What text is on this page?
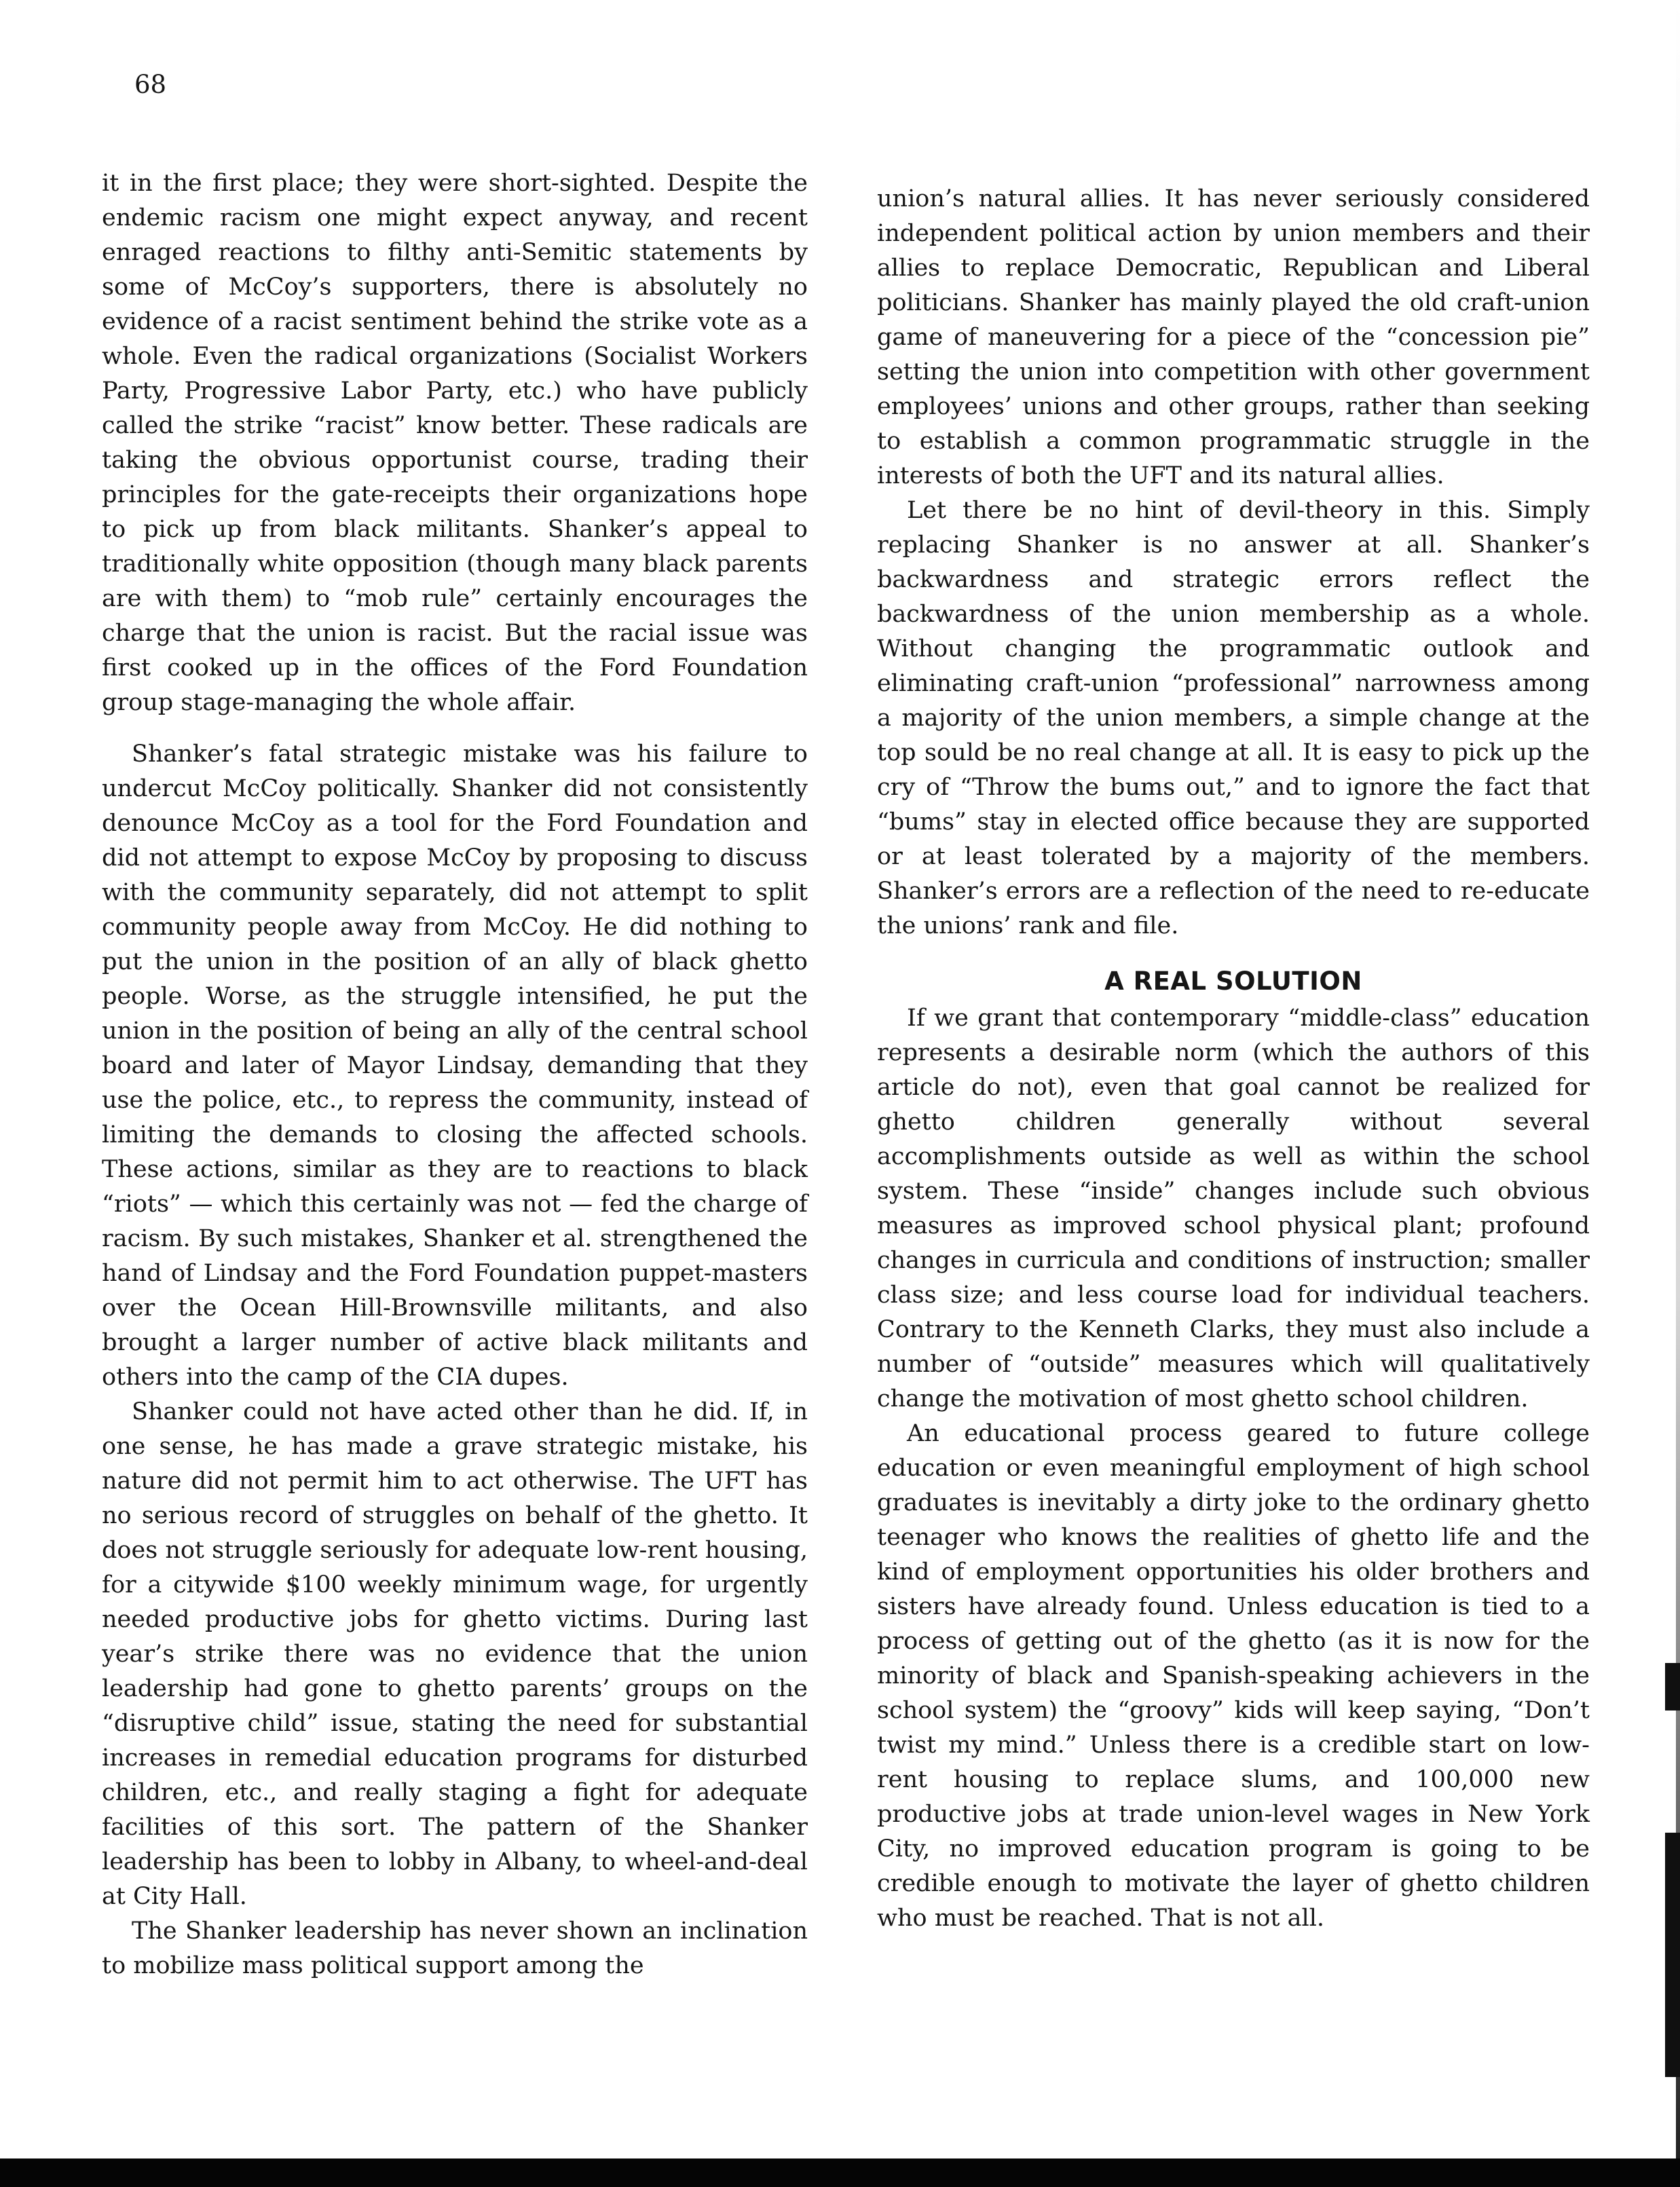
68

it in the first place; they were short-sighted. Despite the endemic racism one might expect anyway, and recent enraged reactions to filthy anti-Semitic statements by some of McCoy’s supporters, there is absolutely no evidence of a racist sentiment behind the strike vote as a whole. Even the radical organizations (Socialist Workers Party, Progressive Labor Party, etc.) who have publicly called the strike “racist” know better. These radicals are taking the obvious opportunist course, trading their principles for the gate-receipts their organizations hope to pick up from black militants. Shanker’s appeal to traditionally white opposition (though many black parents are with them) to “mob rule” certainly encourages the charge that the union is racist. But the racial issue was first cooked up in the offices of the Ford Foundation group stage-managing the whole affair.

Shanker’s fatal strategic mistake was his failure to undercut McCoy politically. Shanker did not consistently denounce McCoy as a tool for the Ford Foundation and did not attempt to expose McCoy by proposing to discuss with the community separately, did not attempt to split community people away from McCoy. He did nothing to put the union in the position of an ally of black ghetto people. Worse, as the struggle intensified, he put the union in the position of being an ally of the central school board and later of Mayor Lindsay, demanding that they use the police, etc., to repress the community, instead of limiting the demands to closing the affected schools. These actions, similar as they are to reactions to black “riots” — which this certainly was not — fed the charge of racism. By such mistakes, Shanker et al. strengthened the hand of Lindsay and the Ford Foundation puppet-masters over the Ocean Hill-Brownsville militants, and also brought a larger number of active black militants and others into the camp of the CIA dupes.

Shanker could not have acted other than he did. If, in one sense, he has made a grave strategic mistake, his nature did not permit him to act otherwise. The UFT has no serious record of struggles on behalf of the ghetto. It does not struggle seriously for adequate low-rent housing, for a citywide $100 weekly minimum wage, for urgently needed productive jobs for ghetto victims. During last year’s strike there was no evidence that the union leadership had gone to ghetto parents’ groups on the “disruptive child” issue, stating the need for substantial increases in remedial education programs for disturbed children, etc., and really staging a fight for adequate facilities of this sort. The pattern of the Shanker leadership has been to lobby in Albany, to wheel-and-deal at City Hall.

The Shanker leadership has never shown an inclination to mobilize mass political support among the

union’s natural allies. It has never seriously considered independent political action by union members and their allies to replace Democratic, Republican and Liberal politicians. Shanker has mainly played the old craft-union game of maneuvering for a piece of the “concession pie” setting the union into competition with other government employees’ unions and other groups, rather than seeking to establish a common programmatic struggle in the interests of both the UFT and its natural allies.

Let there be no hint of devil-theory in this. Simply replacing Shanker is no answer at all. Shanker’s backwardness and strategic errors reflect the backwardness of the union membership as a whole. Without changing the programmatic outlook and eliminating craft-union “professional” narrowness among a majority of the union members, a simple change at the top sould be no real change at all. It is easy to pick up the cry of “Throw the bums out,” and to ignore the fact that “bums” stay in elected office because they are supported or at least tolerated by a majority of the members. Shanker’s errors are a reflection of the need to re-educate the unions’ rank and file.

A REAL SOLUTION

If we grant that contemporary “middle-class” education represents a desirable norm (which the authors of this article do not), even that goal cannot be realized for ghetto children generally without several accomplishments outside as well as within the school system. These “inside” changes include such obvious measures as improved school physical plant; profound changes in curricula and conditions of instruction; smaller class size; and less course load for individual teachers. Contrary to the Kenneth Clarks, they must also include a number of “outside” measures which will qualitatively change the motivation of most ghetto school children.

An educational process geared to future college education or even meaningful employment of high school graduates is inevitably a dirty joke to the ordinary ghetto teenager who knows the realities of ghetto life and the kind of employment opportunities his older brothers and sisters have already found. Unless education is tied to a process of getting out of the ghetto (as it is now for the minority of black and Spanish-speaking achievers in the school system) the “groovy” kids will keep saying, “Don’t twist my mind.” Unless there is a credible start on low-rent housing to replace slums, and 100,000 new productive jobs at trade union-level wages in New York City, no improved education program is going to be credible enough to motivate the layer of ghetto children who must be reached. That is not all.
